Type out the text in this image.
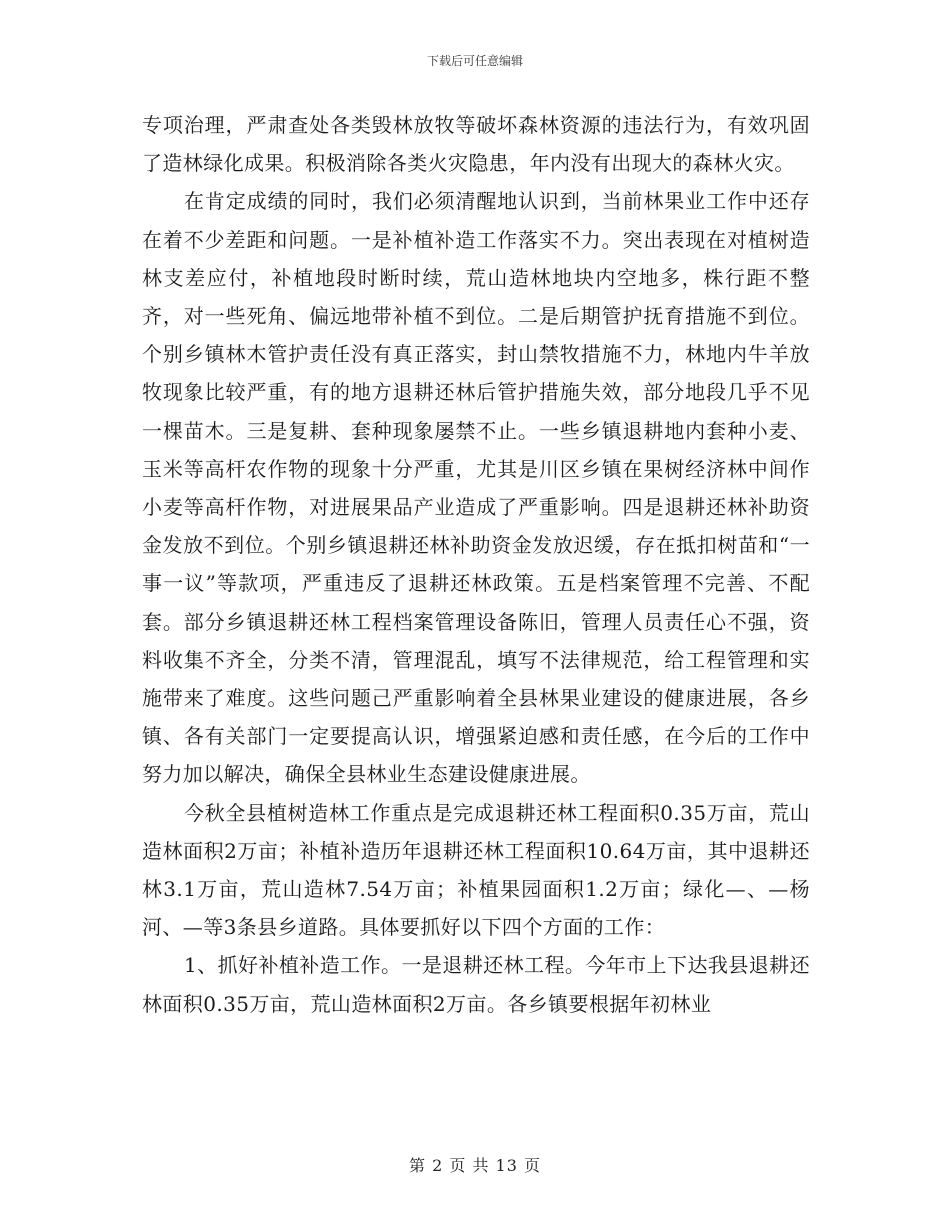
下载后可任意编辑

专项治理，严肃查处各类毁林放牧等破坏森林资源的违法行为，有效巩固了造林绿化成果。积极消除各类火灾隐患，年内没有出现大的森林火灾。

在肯定成绩的同时，我们必须清醒地认识到，当前林果业工作中还存在着不少差距和问题。一是补植补造工作落实不力。突出表现在对植树造林支差应付，补植地段时断时续，荒山造林地块内空地多，株行距不整齐，对一些死角、偏远地带补植不到位。二是后期管护抚育措施不到位。个别乡镇林木管护责任没有真正落实，封山禁牧措施不力，林地内牛羊放牧现象比较严重，有的地方退耕还林后管护措施失效，部分地段几乎不见一棵苗木。三是复耕、套种现象屡禁不止。一些乡镇退耕地内套种小麦、玉米等高杆农作物的现象十分严重，尤其是川区乡镇在果树经济林中间作小麦等高杆作物，对进展果品产业造成了严重影响。四是退耕还林补助资金发放不到位。个别乡镇退耕还林补助资金发放迟缓，存在抵扣树苗和“一事一议”等款项，严重违反了退耕还林政策。五是档案管理不完善、不配套。部分乡镇退耕还林工程档案管理设备陈旧，管理人员责任心不强，资料收集不齐全，分类不清，管理混乱，填写不法律规范，给工程管理和实施带来了难度。这些问题己严重影响着全县林果业建设的健康进展，各乡镇、各有关部门一定要提高认识，增强紧迫感和责任感，在今后的工作中努力加以解决，确保全县林业生态建设健康进展。

今秋全县植树造林工作重点是完成退耕还林工程面积0.35万亩，荒山造林面积2万亩；补植补造历年退耕还林工程面积10.64万亩，其中退耕还林3.1万亩，荒山造林7.54万亩；补植果园面积1.2万亩；绿化—、—杨河、—等3条县乡道路。具体要抓好以下四个方面的工作：

1、抓好补植补造工作。一是退耕还林工程。今年市上下达我县退耕还林面积0.35万亩，荒山造林面积2万亩。各乡镇要根据年初林业

第 2 页 共 13 页
